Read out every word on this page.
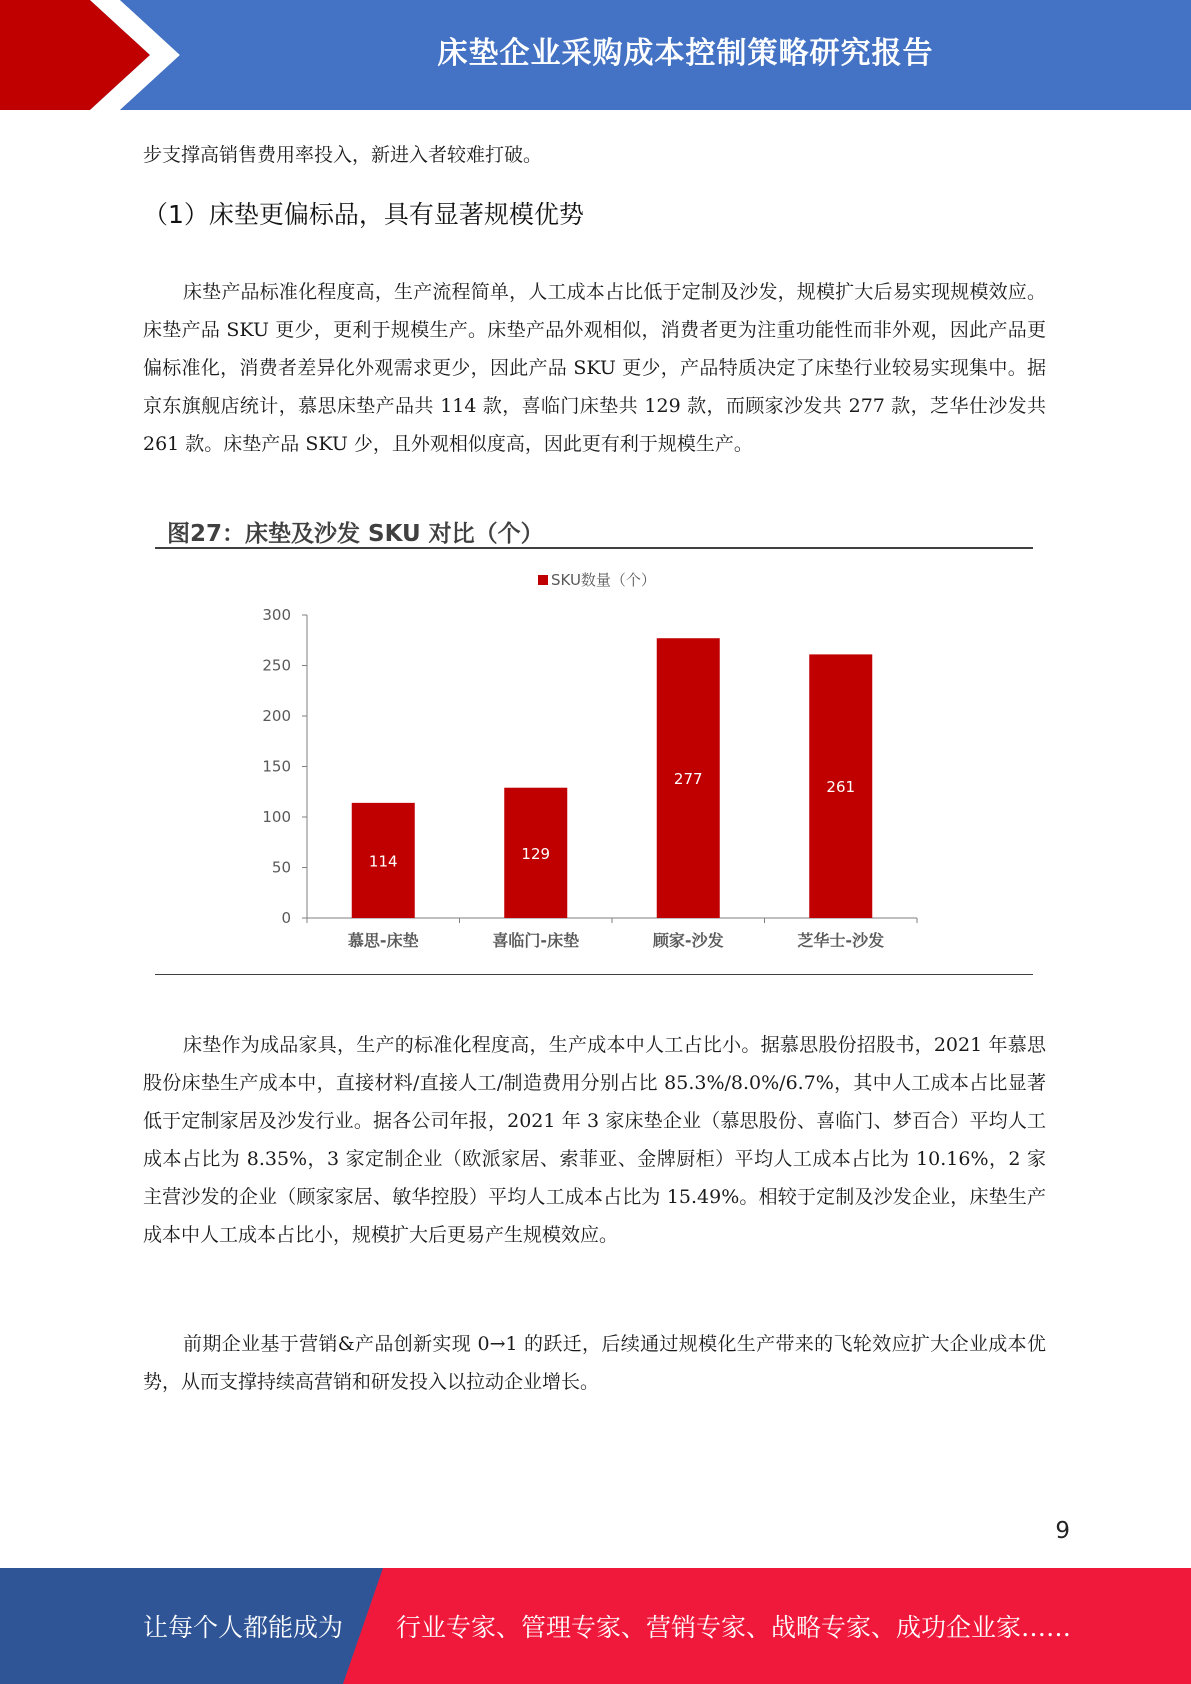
床垫企业采购成本控制策略研究报告

步支撑高销售费用率投入，新进入者较难打破。

（1）床垫更偏标品，具有显著规模优势

床垫产品标准化程度高，生产流程简单，人工成本占比低于定制及沙发，规模扩大后易实现规模效应。床垫产品 SKU 更少，更利于规模生产。床垫产品外观相似，消费者更为注重功能性而非外观，因此产品更偏标准化，消费者差异化外观需求更少，因此产品 SKU 更少，产品特质决定了床垫行业较易实现集中。据京东旗舰店统计，慕思床垫产品共 114 款，喜临门床垫共 129 款，而顾家沙发共 277 款，芝华仕沙发共 261 款。床垫产品 SKU 少，且外观相似度高，因此更有利于规模生产。

图27：床垫及沙发 SKU 对比（个）
SKU数量（个）
0
50
100
150
200
250
300
114
慕思-床垫
129
喜临门-床垫
277
顾家-沙发
261
芝华士-沙发

床垫作为成品家具，生产的标准化程度高，生产成本中人工占比小。据慕思股份招股书，2021 年慕思股份床垫生产成本中，直接材料/直接人工/制造费用分别占比 85.3%/8.0%/6.7%，其中人工成本占比显著低于定制家居及沙发行业。据各公司年报，2021 年 3 家床垫企业（慕思股份、喜临门、梦百合）平均人工成本占比为 8.35%，3 家定制企业（欧派家居、索菲亚、金牌厨柜）平均人工成本占比为 10.16%，2 家主营沙发的企业（顾家家居、敏华控股）平均人工成本占比为 15.49%。相较于定制及沙发企业，床垫生产成本中人工成本占比小，规模扩大后更易产生规模效应。

前期企业基于营销&产品创新实现 0→1 的跃迁，后续通过规模化生产带来的飞轮效应扩大企业成本优势，从而支撑持续高营销和研发投入以拉动企业增长。

9
让每个人都能成为 行业专家、管理专家、营销专家、战略专家、成功企业家……
